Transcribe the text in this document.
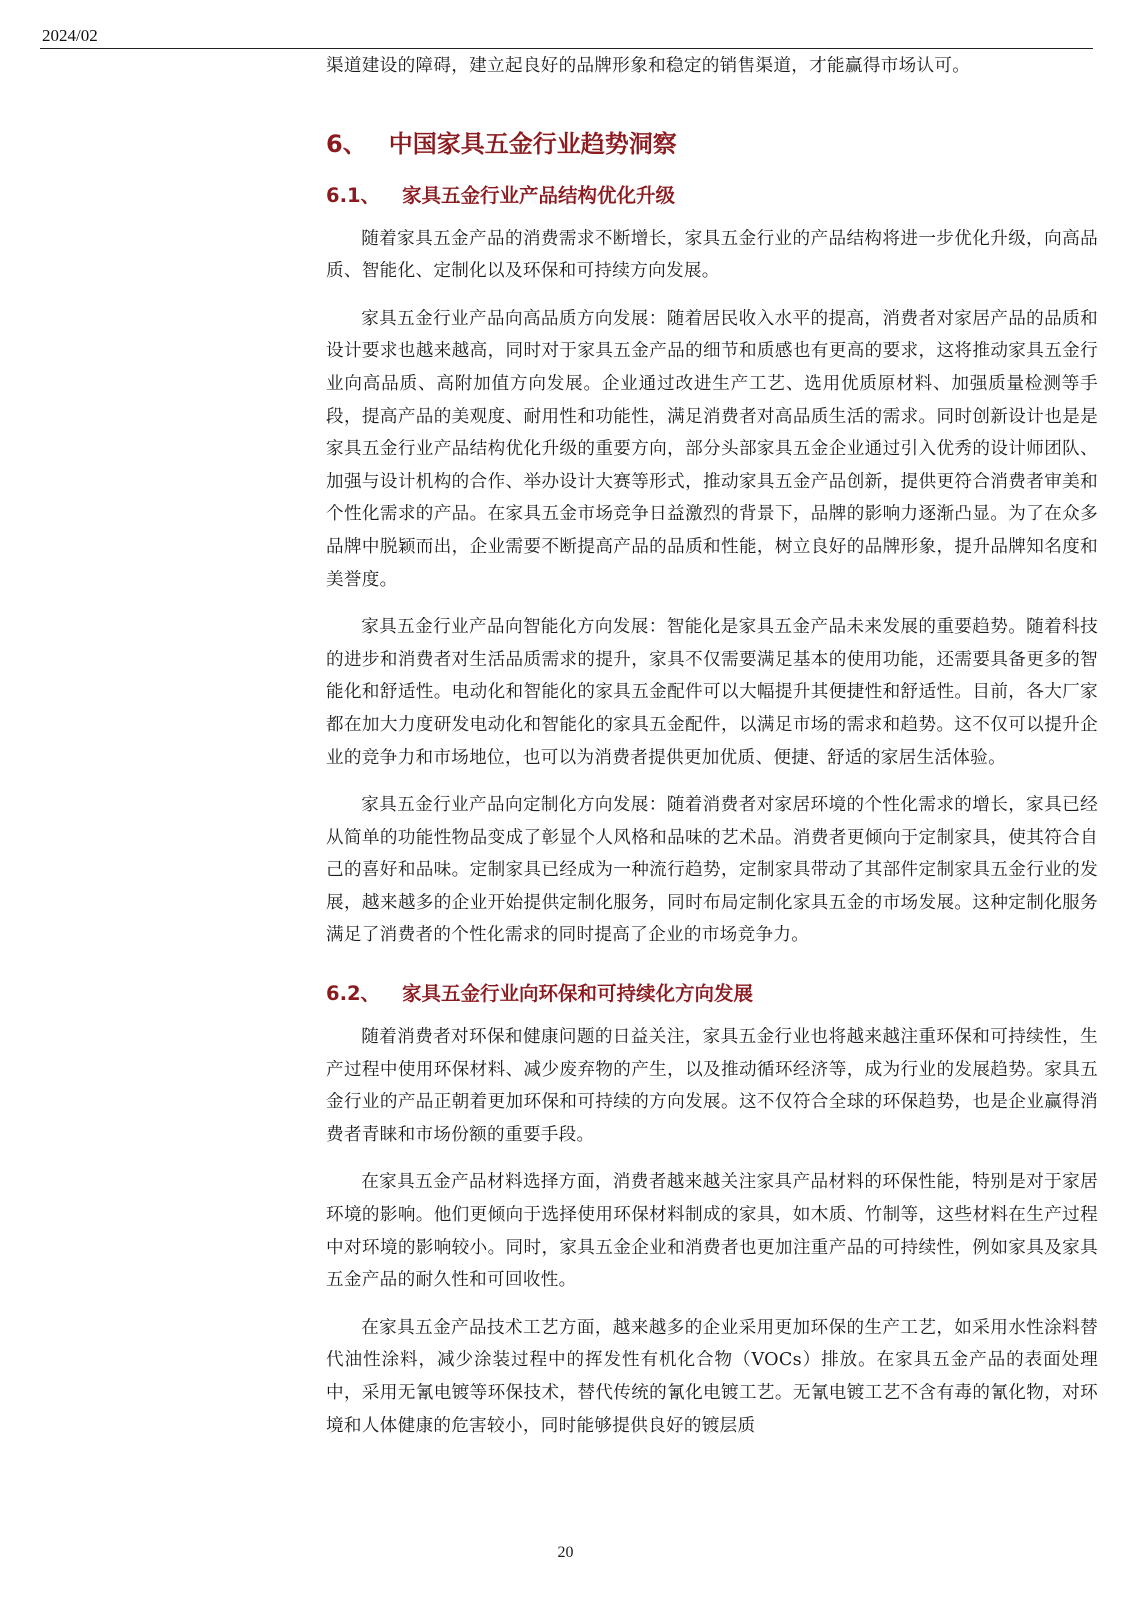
2024/02

渠道建设的障碍，建立起良好的品牌形象和稳定的销售渠道，才能赢得市场认可。

6、 中国家具五金行业趋势洞察
6.1、 家具五金行业产品结构优化升级

随着家具五金产品的消费需求不断增长，家具五金行业的产品结构将进一步优化升级，向高品质、智能化、定制化以及环保和可持续方向发展。

家具五金行业产品向高品质方向发展：随着居民收入水平的提高，消费者对家居产品的品质和设计要求也越来越高，同时对于家具五金产品的细节和质感也有更高的要求，这将推动家具五金行业向高品质、高附加值方向发展。企业通过改进生产工艺、选用优质原材料、加强质量检测等手段，提高产品的美观度、耐用性和功能性，满足消费者对高品质生活的需求。同时创新设计也是是家具五金行业产品结构优化升级的重要方向，部分头部家具五金企业通过引入优秀的设计师团队、加强与设计机构的合作、举办设计大赛等形式，推动家具五金产品创新，提供更符合消费者审美和个性化需求的产品。在家具五金市场竞争日益激烈的背景下，品牌的影响力逐渐凸显。为了在众多品牌中脱颖而出，企业需要不断提高产品的品质和性能，树立良好的品牌形象，提升品牌知名度和美誉度。

家具五金行业产品向智能化方向发展：智能化是家具五金产品未来发展的重要趋势。随着科技的进步和消费者对生活品质需求的提升，家具不仅需要满足基本的使用功能，还需要具备更多的智能化和舒适性。电动化和智能化的家具五金配件可以大幅提升其便捷性和舒适性。目前，各大厂家都在加大力度研发电动化和智能化的家具五金配件，以满足市场的需求和趋势。这不仅可以提升企业的竞争力和市场地位，也可以为消费者提供更加优质、便捷、舒适的家居生活体验。

家具五金行业产品向定制化方向发展：随着消费者对家居环境的个性化需求的增长，家具已经从简单的功能性物品变成了彰显个人风格和品味的艺术品。消费者更倾向于定制家具，使其符合自己的喜好和品味。定制家具已经成为一种流行趋势，定制家具带动了其部件定制家具五金行业的发展，越来越多的企业开始提供定制化服务，同时布局定制化家具五金的市场发展。这种定制化服务满足了消费者的个性化需求的同时提高了企业的市场竞争力。

6.2、 家具五金行业向环保和可持续化方向发展

随着消费者对环保和健康问题的日益关注，家具五金行业也将越来越注重环保和可持续性，生产过程中使用环保材料、减少废弃物的产生，以及推动循环经济等，成为行业的发展趋势。家具五金行业的产品正朝着更加环保和可持续的方向发展。这不仅符合全球的环保趋势，也是企业赢得消费者青睐和市场份额的重要手段。

在家具五金产品材料选择方面，消费者越来越关注家具产品材料的环保性能，特别是对于家居环境的影响。他们更倾向于选择使用环保材料制成的家具，如木质、竹制等，这些材料在生产过程中对环境的影响较小。同时，家具五金企业和消费者也更加注重产品的可持续性，例如家具及家具五金产品的耐久性和可回收性。

在家具五金产品技术工艺方面，越来越多的企业采用更加环保的生产工艺，如采用水性涂料替代油性涂料，减少涂装过程中的挥发性有机化合物（VOCs）排放。在家具五金产品的表面处理中，采用无氰电镀等环保技术，替代传统的氰化电镀工艺。无氰电镀工艺不含有毒的氰化物，对环境和人体健康的危害较小，同时能够提供良好的镀层质

20
